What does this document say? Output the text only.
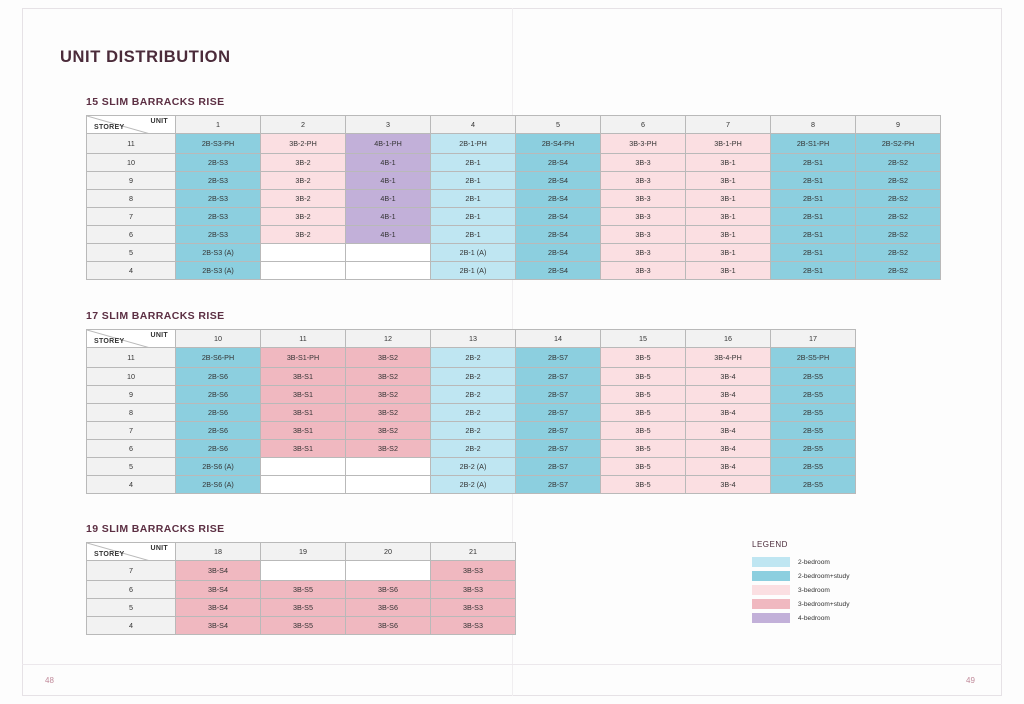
UNIT DISTRIBUTION
15 SLIM BARRACKS RISE
UNIT
STOREY	1	2	3	4	5	6	7	8	9
11	2B-S3-PH	3B-2-PH	4B-1-PH	2B-1-PH	2B-S4-PH	3B-3-PH	3B-1-PH	2B-S1-PH	2B-S2-PH
10	2B-S3	3B-2	4B-1	2B-1	2B-S4	3B-3	3B-1	2B-S1	2B-S2
9	2B-S3	3B-2	4B-1	2B-1	2B-S4	3B-3	3B-1	2B-S1	2B-S2
8	2B-S3	3B-2	4B-1	2B-1	2B-S4	3B-3	3B-1	2B-S1	2B-S2
7	2B-S3	3B-2	4B-1	2B-1	2B-S4	3B-3	3B-1	2B-S1	2B-S2
6	2B-S3	3B-2	4B-1	2B-1	2B-S4	3B-3	3B-1	2B-S1	2B-S2
5	2B-S3 (A)			2B-1 (A)	2B-S4	3B-3	3B-1	2B-S1	2B-S2
4	2B-S3 (A)			2B-1 (A)	2B-S4	3B-3	3B-1	2B-S1	2B-S2
17 SLIM BARRACKS RISE
UNIT
STOREY	10	11	12	13	14	15	16	17
11	2B-S6-PH	3B-S1-PH	3B-S2	2B-2	2B-S7	3B-5	3B-4-PH	2B-S5-PH
10	2B-S6	3B-S1	3B-S2	2B-2	2B-S7	3B-5	3B-4	2B-S5
9	2B-S6	3B-S1	3B-S2	2B-2	2B-S7	3B-5	3B-4	2B-S5
8	2B-S6	3B-S1	3B-S2	2B-2	2B-S7	3B-5	3B-4	2B-S5
7	2B-S6	3B-S1	3B-S2	2B-2	2B-S7	3B-5	3B-4	2B-S5
6	2B-S6	3B-S1	3B-S2	2B-2	2B-S7	3B-5	3B-4	2B-S5
5	2B-S6 (A)			2B-2 (A)	2B-S7	3B-5	3B-4	2B-S5
4	2B-S6 (A)			2B-2 (A)	2B-S7	3B-5	3B-4	2B-S5
19 SLIM BARRACKS RISE
UNIT
STOREY	18	19	20	21
7	3B-S4			3B-S3
6	3B-S4	3B-S5	3B-S6	3B-S3
5	3B-S4	3B-S5	3B-S6	3B-S3
4	3B-S4	3B-S5	3B-S6	3B-S3
LEGEND
2-bedroom
2-bedroom+study
3-bedroom
3-bedroom+study
4-bedroom
48	49
